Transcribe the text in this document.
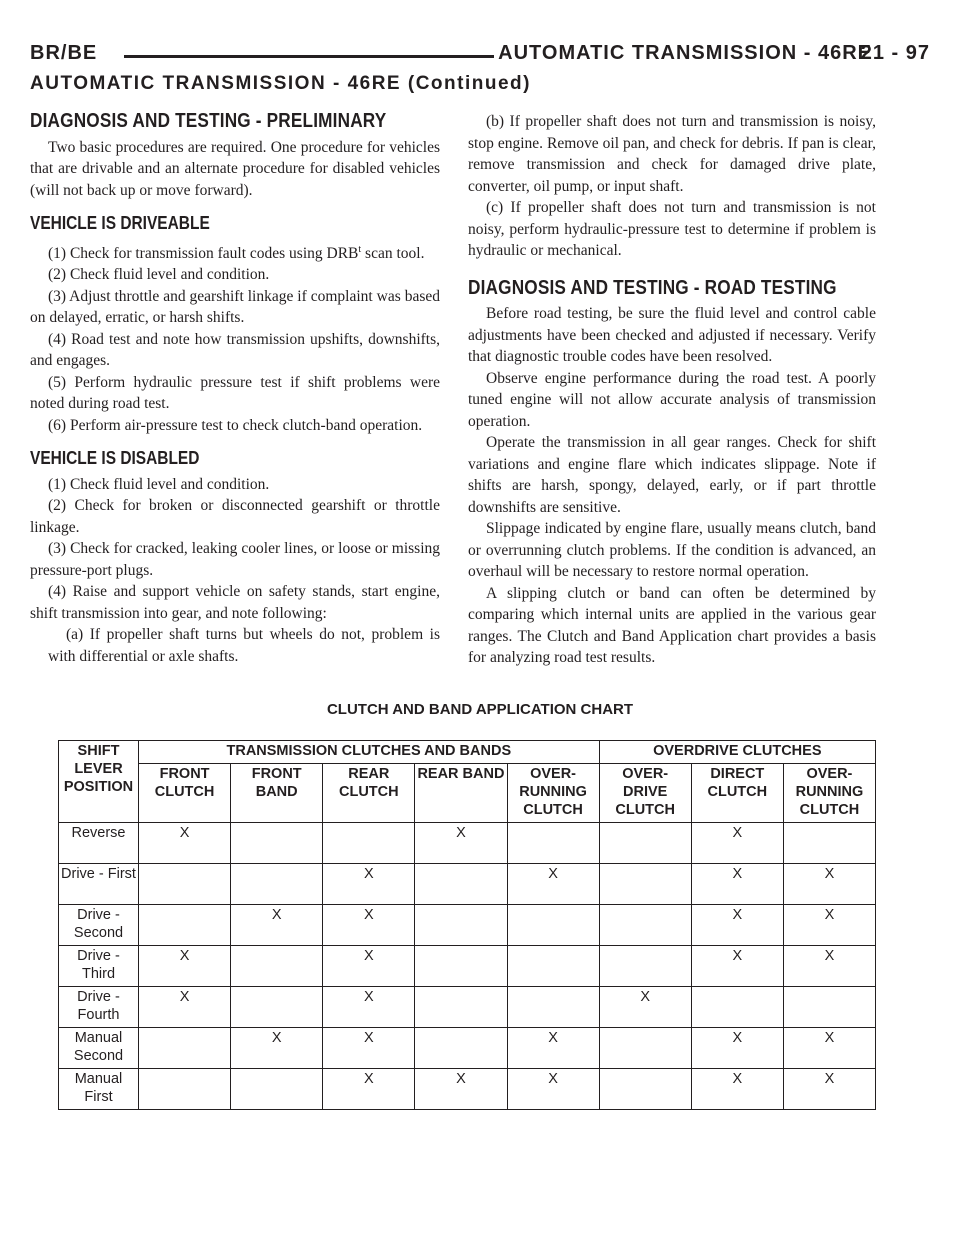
BR/BE	AUTOMATIC TRANSMISSION - 46RE
21 - 97
AUTOMATIC TRANSMISSION - 46RE (Continued)
DIAGNOSIS AND TESTING - PRELIMINARY

Two basic procedures are required. One procedure for vehicles that are drivable and an alternate procedure for disabled vehicles (will not back up or move forward).

VEHICLE IS DRIVEABLE

(1) Check for transmission fault codes using DRB$^t$ scan tool.

(2) Check fluid level and condition.

(3) Adjust throttle and gearshift linkage if complaint was based on delayed, erratic, or harsh shifts.

(4) Road test and note how transmission upshifts, downshifts, and engages.

(5) Perform hydraulic pressure test if shift problems were noted during road test.

(6) Perform air-pressure test to check clutch-band operation.

VEHICLE IS DISABLED

(1) Check fluid level and condition.

(2) Check for broken or disconnected gearshift or throttle linkage.

(3) Check for cracked, leaking cooler lines, or loose or missing pressure-port plugs.

(4) Raise and support vehicle on safety stands, start engine, shift transmission into gear, and note following:

(a) If propeller shaft turns but wheels do not, problem is with differential or axle shafts.

(b) If propeller shaft does not turn and transmission is noisy, stop engine. Remove oil pan, and check for debris. If pan is clear, remove transmission and check for damaged drive plate, converter, oil pump, or input shaft.

(c) If propeller shaft does not turn and transmission is not noisy, perform hydraulic-pressure test to determine if problem is hydraulic or mechanical.

DIAGNOSIS AND TESTING - ROAD TESTING

Before road testing, be sure the fluid level and control cable adjustments have been checked and adjusted if necessary. Verify that diagnostic trouble codes have been resolved.

Observe engine performance during the road test. A poorly tuned engine will not allow accurate analysis of transmission operation.

Operate the transmission in all gear ranges. Check for shift variations and engine flare which indicates slippage. Note if shifts are harsh, spongy, delayed, early, or if part throttle downshifts are sensitive.

Slippage indicated by engine flare, usually means clutch, band or overrunning clutch problems. If the condition is advanced, an overhaul will be necessary to restore normal operation.

A slipping clutch or band can often be determined by comparing which internal units are applied in the various gear ranges. The Clutch and Band Application chart provides a basis for analyzing road test results.

CLUTCH AND BAND APPLICATION CHART
SHIFT LEVER POSITION	TRANSMISSION CLUTCHES AND BANDS					OVERDRIVE CLUTCHES		
	FRONT CLUTCH	FRONT BAND	REAR CLUTCH	REAR BAND	OVER-RUNNING CLUTCH	OVER-DRIVE CLUTCH	DIRECT CLUTCH	OVER-RUNNING CLUTCH
Reverse	X			X			X	
Drive - First			X		X		X	X
Drive - Second		X	X				X	X
Drive - Third	X		X				X	X
Drive - Fourth	X		X			X		
Manual Second		X	X		X		X	X
Manual First			X	X	X		X	X
